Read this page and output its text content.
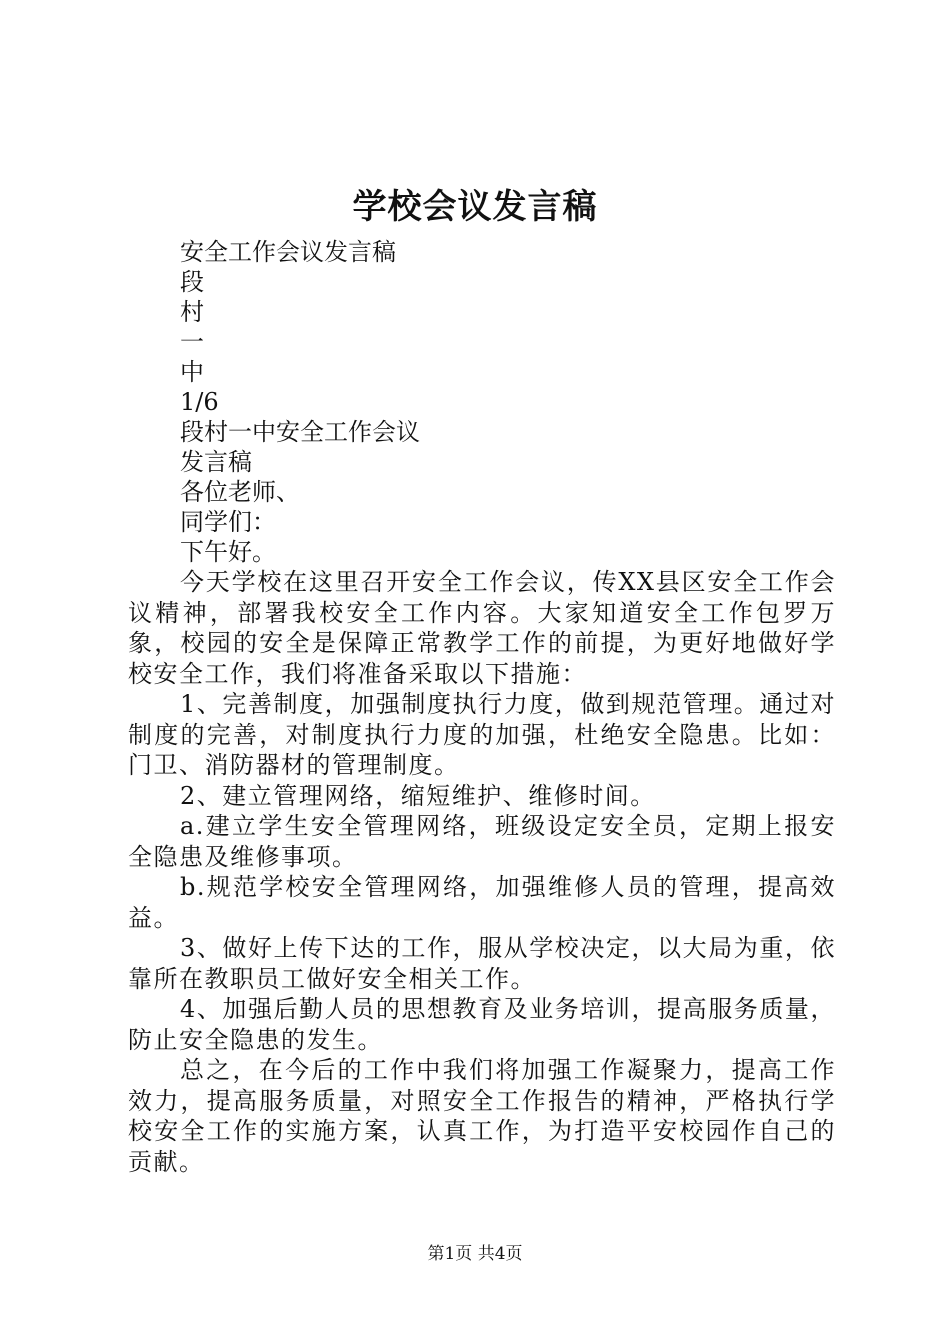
学校会议发言稿

安全工作会议发言稿

段

村

一

中

1/6

段村一中安全工作会议

发言稿

各位老师、

同学们：

下午好。

今天学校在这里召开安全工作会议，传XX县区安全工作会议精神，部署我校安全工作内容。大家知道安全工作包罗万象，校园的安全是保障正常教学工作的前提，为更好地做好学校安全工作，我们将准备采取以下措施：

1、完善制度，加强制度执行力度，做到规范管理。通过对制度的完善，对制度执行力度的加强，杜绝安全隐患。比如：门卫、消防器材的管理制度。

2、建立管理网络，缩短维护、维修时间。

a.建立学生安全管理网络，班级设定安全员，定期上报安全隐患及维修事项。

b.规范学校安全管理网络，加强维修人员的管理，提高效益。

3、做好上传下达的工作，服从学校决定，以大局为重，依靠所在教职员工做好安全相关工作。

4、加强后勤人员的思想教育及业务培训，提高服务质量，防止安全隐患的发生。

总之，在今后的工作中我们将加强工作凝聚力，提高工作效力，提高服务质量，对照安全工作报告的精神，严格执行学校安全工作的实施方案，认真工作，为打造平安校园作自己的贡献。

第1页 共4页
